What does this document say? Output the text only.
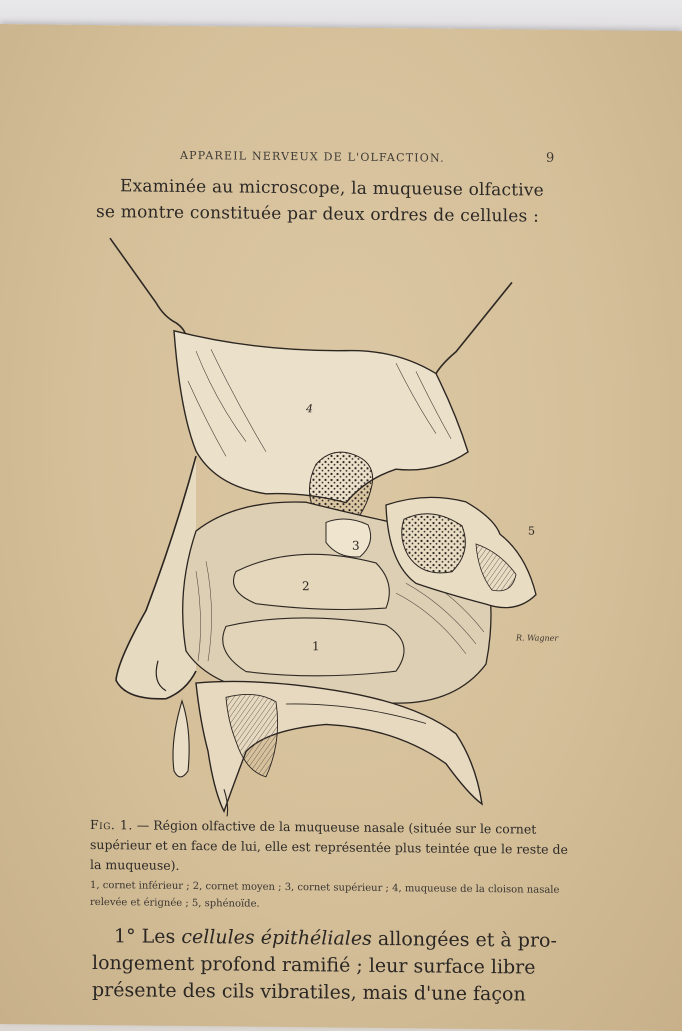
APPAREIL NERVEUX DE L'OLFACTION.	9
Examinée au microscope, la muqueuse olfactive
se montre constituée par deux ordres de cellules :
4
3
2
1
5
R. Wagner
Fig. 1. — Région olfactive de la muqueuse nasale (située sur le cornet supérieur et en face de lui, elle est représentée plus teintée que le reste de la muqueuse).
1, cornet inférieur ; 2, cornet moyen ; 3, cornet supérieur ; 4, muqueuse de la cloison nasale relevée et érignée ; 5, sphénoïde.
1° Les cellules épithéliales allongées et à pro-
longement profond ramifié ; leur surface libre
présente des cils vibratiles, mais d'une façon
